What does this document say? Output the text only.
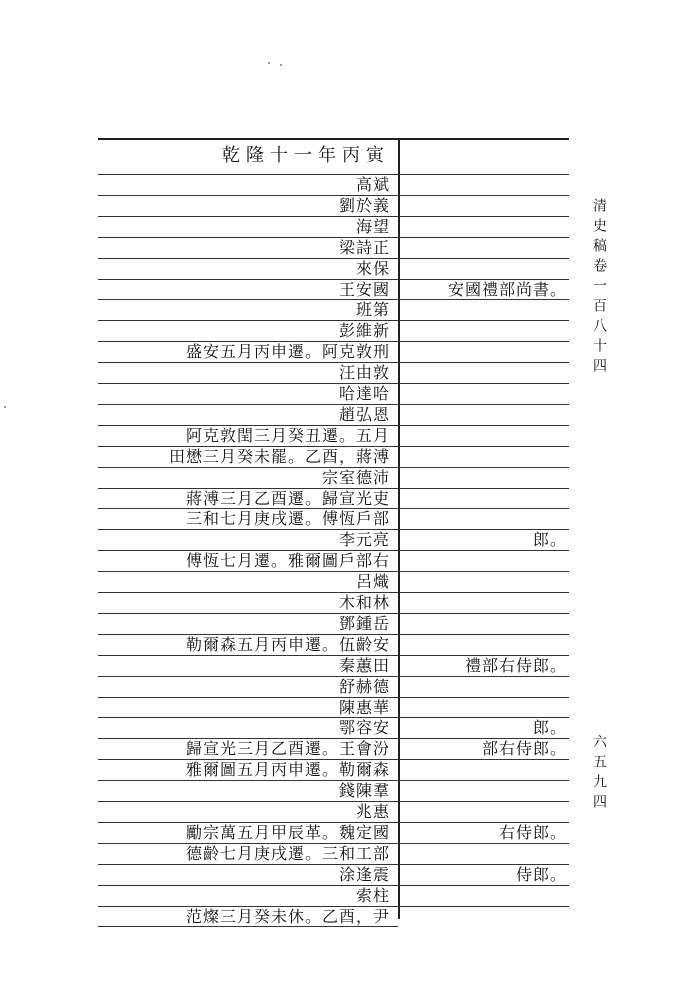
乾隆十一年丙寅
高斌
劉於義
海望
梁詩正
來保
王安國	安國禮部尚書。
班第
彭維新
盛安五月丙申遷。阿克敦刑
汪由敦
哈達哈
趙弘恩
阿克敦閏三月癸丑遷。五月
田懋三月癸未罷。乙酉，蔣溥
宗室德沛
蔣溥三月乙酉遷。歸宣光吏
三和七月庚戌遷。傅恆戶部
李元亮	郎。
傅恆七月遷。雅爾圖戶部右
呂熾
木和林
鄧鍾岳
勒爾森五月丙申遷。伍齡安
秦蕙田	禮部右侍郎。
舒赫德
陳惠華
鄂容安	郎。
歸宣光三月乙酉遷。王會汾	部右侍郎。
雅爾圖五月丙申遷。勒爾森
錢陳羣
兆惠
勵宗萬五月甲辰革。魏定國	右侍郎。
德齡七月庚戌遷。三和工部
涂逢震	侍郎。
索柱
范燦三月癸未休。乙酉，尹
清史稿卷一百八十四
六五九四
